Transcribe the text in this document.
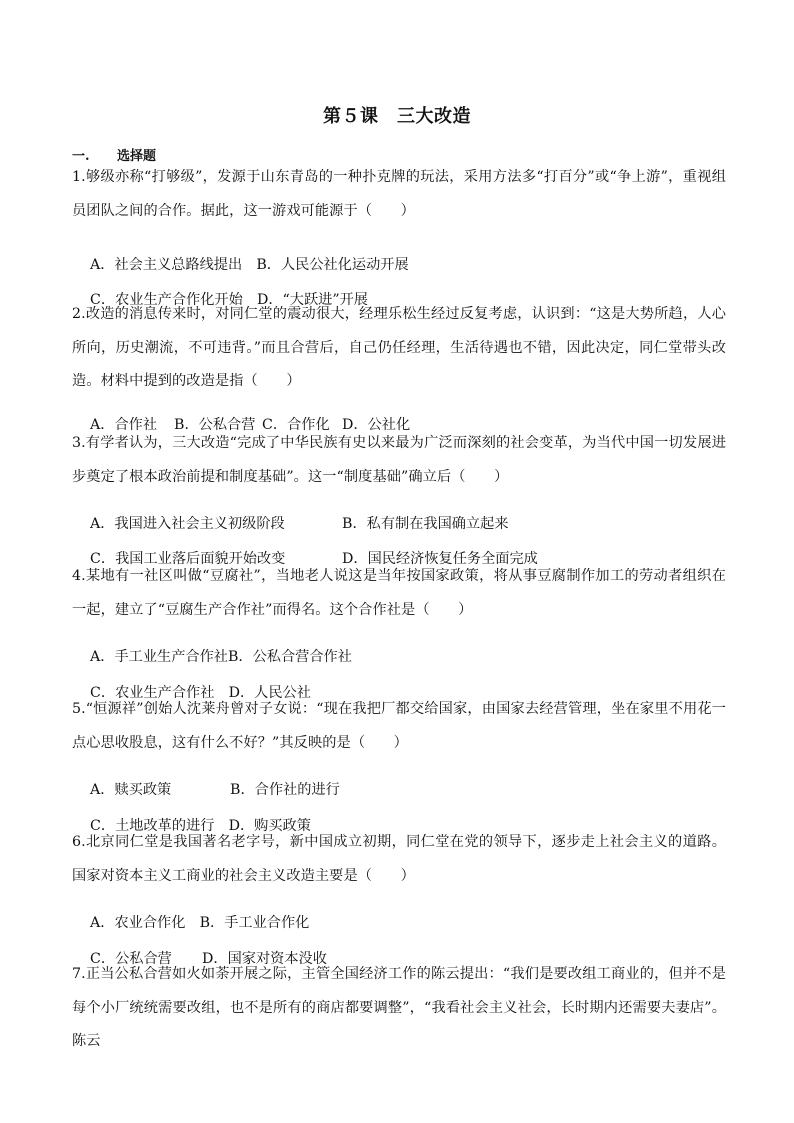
第５课　三大改造
一. 选择题
1.够级亦称“打够级”，发源于山东青岛的一种扑克牌的玩法，采用方法多“打百分”或“争上游”，重视组员团队之间的合作。据此，这一游戏可能源于（　　）

A．社会主义总路线提出　 B．人民公社化运动开展

C．农业生产合作化开始　 D．“大跃进”开展

2.改造的消息传来时，对同仁堂的震动很大，经理乐松生经过反复考虑，认识到：“这是大势所趋，人心所向，历史潮流，不可违背。”而且合营后，自己仍任经理，生活待遇也不错，因此决定，同仁堂带头改造。材料中提到的改造是指（　　）

A．合作社 B．公私合营 C．合作化 D．公社化

3.有学者认为，三大改造“完成了中华民族有史以来最为广泛而深刻的社会变革，为当代中国一切发展进步奠定了根本政治前提和制度基础”。这一“制度基础”确立后（　　）

A．我国进入社会主义初级阶段	B．私有制在我国确立起来

C．我国工业落后面貌开始改变	D．国民经济恢复任务全面完成

4.某地有一社区叫做“豆腐社”，当地老人说这是当年按国家政策，将从事豆腐制作加工的劳动者组织在一起，建立了“豆腐生产合作社”而得名。这个合作社是（　　）

A．手工业生产合作社B．公私合营合作社

C．农业生产合作社　 D．人民公社

5.“恒源祥”创始人沈莱舟曾对子女说：“现在我把厂都交给国家，由国家去经营管理，坐在家里不用花一点心思收股息，这有什么不好？”其反映的是（　　）

A．赎买政策	B．合作社的进行

C．土地改革的进行　 D．购买政策

6.北京同仁堂是我国著名老字号，新中国成立初期，同仁堂在党的领导下，逐步走上社会主义的道路。国家对资本主义工商业的社会主义改造主要是（　　）

A．农业合作化　 B．手工业合作化

C．公私合营 D．国家对资本没收

7.正当公私合营如火如荼开展之际，主管全国经济工作的陈云提出：“我们是要改组工商业的，但并不是每个小厂统统需要改组，也不是所有的商店都要调整”，“我看社会主义社会，长时期内还需要夫妻店”。陈云
